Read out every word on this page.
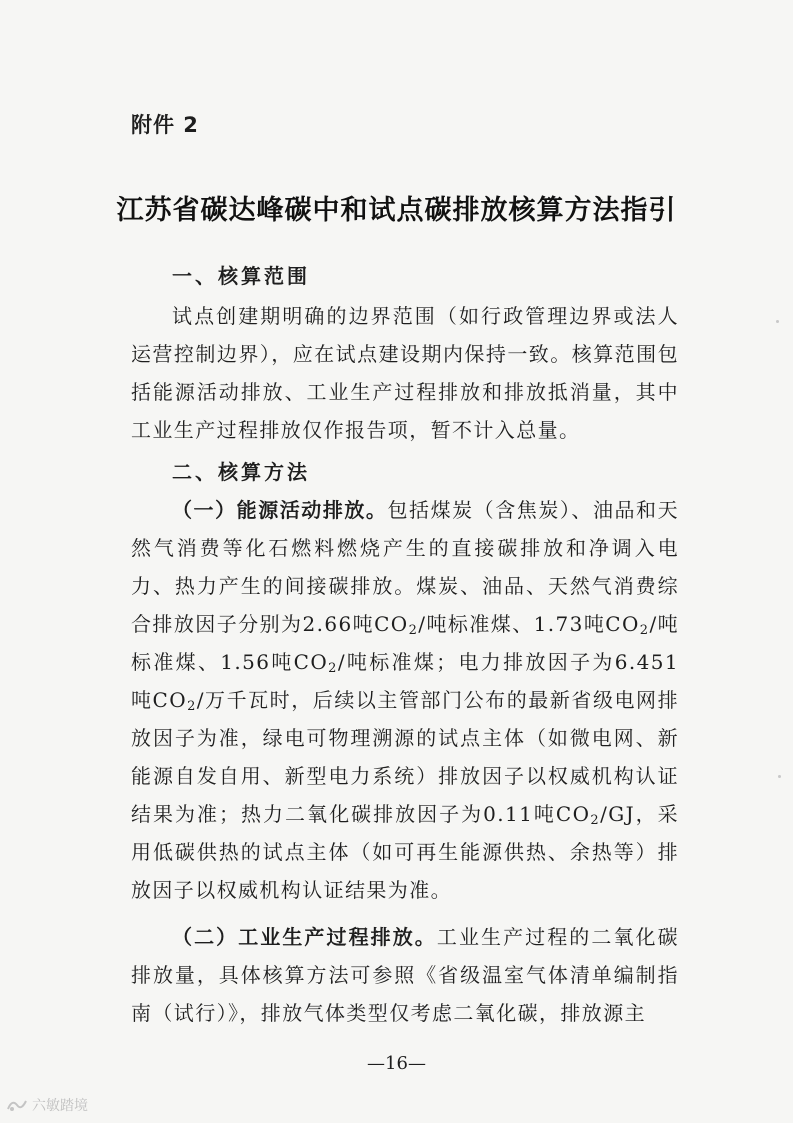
附件 2
江苏省碳达峰碳中和试点碳排放核算方法指引
一、核算范围

试点创建期明确的边界范围（如行政管理边界或法人运营控制边界），应在试点建设期内保持一致。核算范围包括能源活动排放、工业生产过程排放和排放抵消量，其中工业生产过程排放仅作报告项，暂不计入总量。

二、核算方法

（一）能源活动排放。包括煤炭（含焦炭）、油品和天然气消费等化石燃料燃烧产生的直接碳排放和净调入电力、热力产生的间接碳排放。煤炭、油品、天然气消费综合排放因子分别为2.66吨$CO_2/$吨标准煤、1.73吨$CO_2/$吨标准煤、1.56吨$CO_2/$吨标准煤；电力排放因子为6.451吨$CO_2/$万千瓦时，后续以主管部门公布的最新省级电网排放因子为准，绿电可物理溯源的试点主体（如微电网、新能源自发自用、新型电力系统）排放因子以权威机构认证结果为准；热力二氧化碳排放因子为0.11吨$CO_2/GJ$，采用低碳供热的试点主体（如可再生能源供热、余热等）排放因子以权威机构认证结果为准。

（二）工业生产过程排放。工业生产过程的二氧化碳排放量，具体核算方法可参照《省级温室气体清单编制指南（试行）》，排放气体类型仅考虑二氧化碳，排放源主

—16—
六敏踏境
